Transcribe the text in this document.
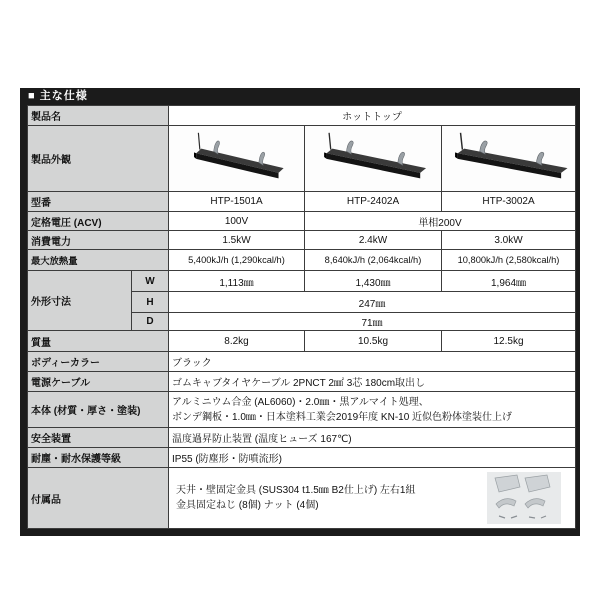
■ 主な仕様
製品名		ホットトップ		
製品外観			
型番		HTP-1501A	HTP-2402A	HTP-3002A
定格電圧 (ACV)		100V	単相200V	
消費電力		1.5kW	2.4kW	3.0kW
最大放熱量		5,400kJ/h (1,290kcal/h)	8,640kJ/h (2,064kcal/h)	10,800kJ/h (2,580kcal/h)
外形寸法	W	1,113㎜	1,430㎜	1,964㎜
	H	247㎜		
	D	71㎜		
質量		8.2kg	10.5kg	12.5kg
ボディーカラー		ブラック		
電源ケーブル		ゴムキャブタイヤケーブル 2PNCT 2㎟ 3芯 180cm取出し		
本体 (材質・厚さ・塗装)		アルミニウム合金 (AL6060)・2.0㎜・黒アルマイト処理、
ボンデ鋼板・1.0㎜・日本塗料工業会2019年度 KN-10 近似色粉体塗装仕上げ		

安全装置		温度過昇防止装置 (温度ヒューズ 167℃)		
耐塵・耐水保護等級		IP55 (防塵形・防噴流形)		
付属品		天井・壁固定金具 (SUS304 t1.5㎜ B2仕上げ) 左右1組
金具固定ねじ (8個) ナット (4個)		
